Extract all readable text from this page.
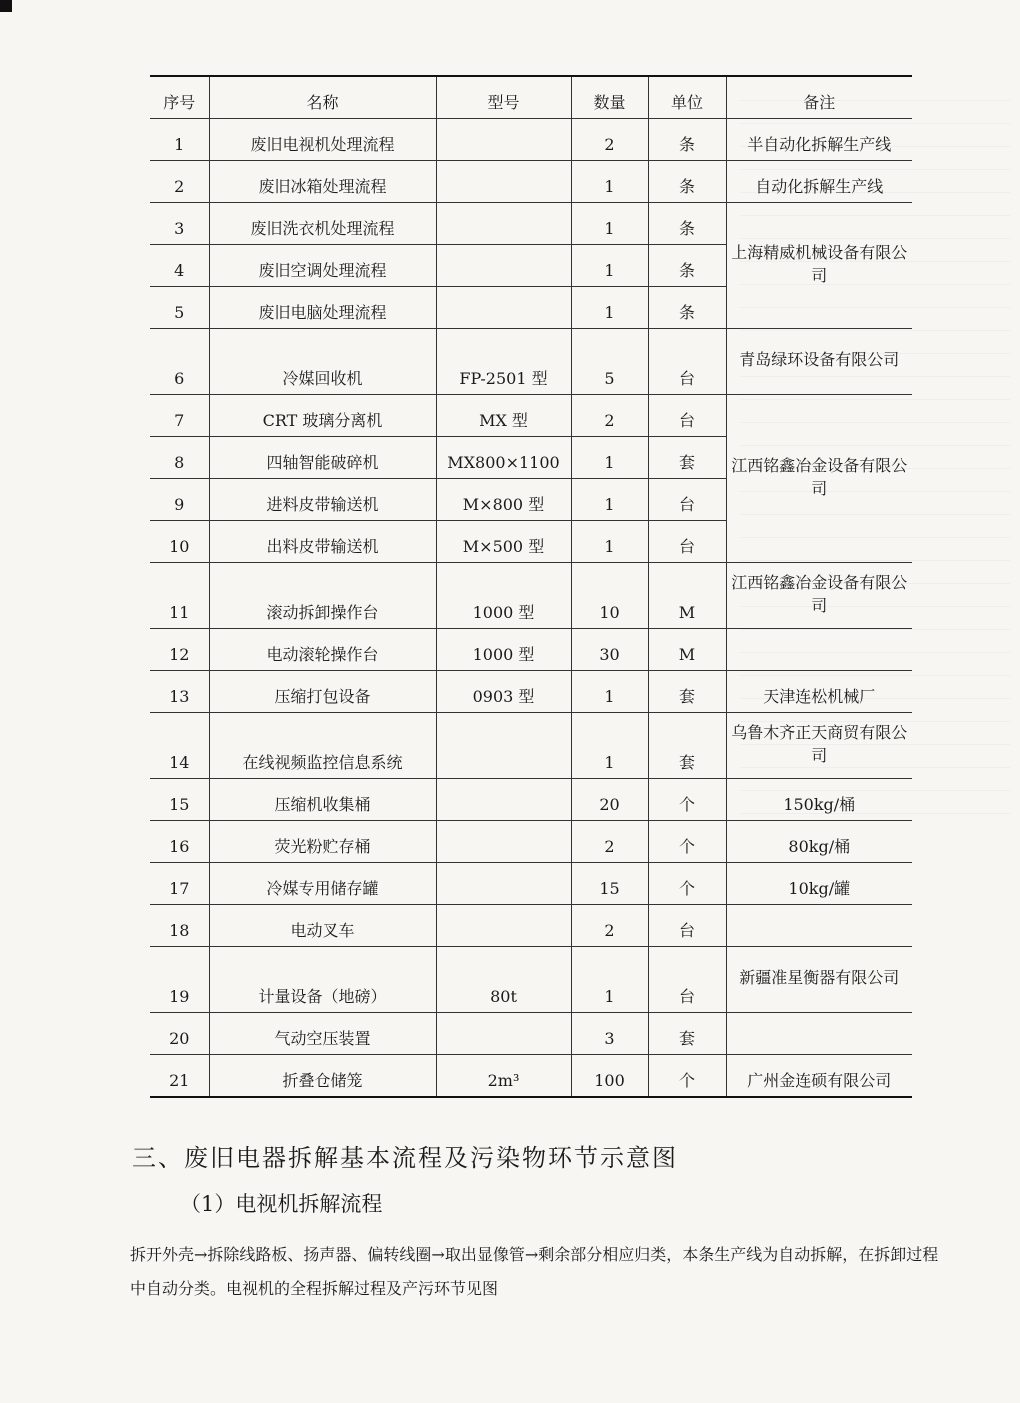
序号	名称	型号	数量	单位	备注
1	废旧电视机处理流程		2	条	半自动化拆解生产线
2	废旧冰箱处理流程		1	条	自动化拆解生产线
3	废旧洗衣机处理流程		1	条	上海精威机械设备有限公司
4	废旧空调处理流程		1	条	
5	废旧电脑处理流程		1	条	
6	冷媒回收机	FP-2501 型	5	台	青岛绿环设备有限公司
7	CRT 玻璃分离机	MX 型	2	台	江西铭鑫冶金设备有限公司
8	四轴智能破碎机	MX800×1100	1	套	
9	进料皮带输送机	M×800 型	1	台	
10	出料皮带输送机	M×500 型	1	台	
11	滚动拆卸操作台	1000 型	10	M	江西铭鑫冶金设备有限公司
12	电动滚轮操作台	1000 型	30	M	
13	压缩打包设备	0903 型	1	套	天津连松机械厂
14	在线视频监控信息系统		1	套	乌鲁木齐正天商贸有限公司
15	压缩机收集桶		20	个	150kg/桶
16	荧光粉贮存桶		2	个	80kg/桶
17	冷媒专用储存罐		15	个	10kg/罐
18	电动叉车		2	台	
19	计量设备（地磅）	80t	1	台	新疆准星衡器有限公司
20	气动空压装置		3	套	
21	折叠仓储笼	2m³	100	个	广州金连硕有限公司
三、废旧电器拆解基本流程及污染物环节示意图
（1）电视机拆解流程

拆开外壳→拆除线路板、扬声器、偏转线圈→取出显像管→剩余部分相应归类，本条生产线为自动拆解，在拆卸过程中自动分类。电视机的全程拆解过程及产污环节见图
